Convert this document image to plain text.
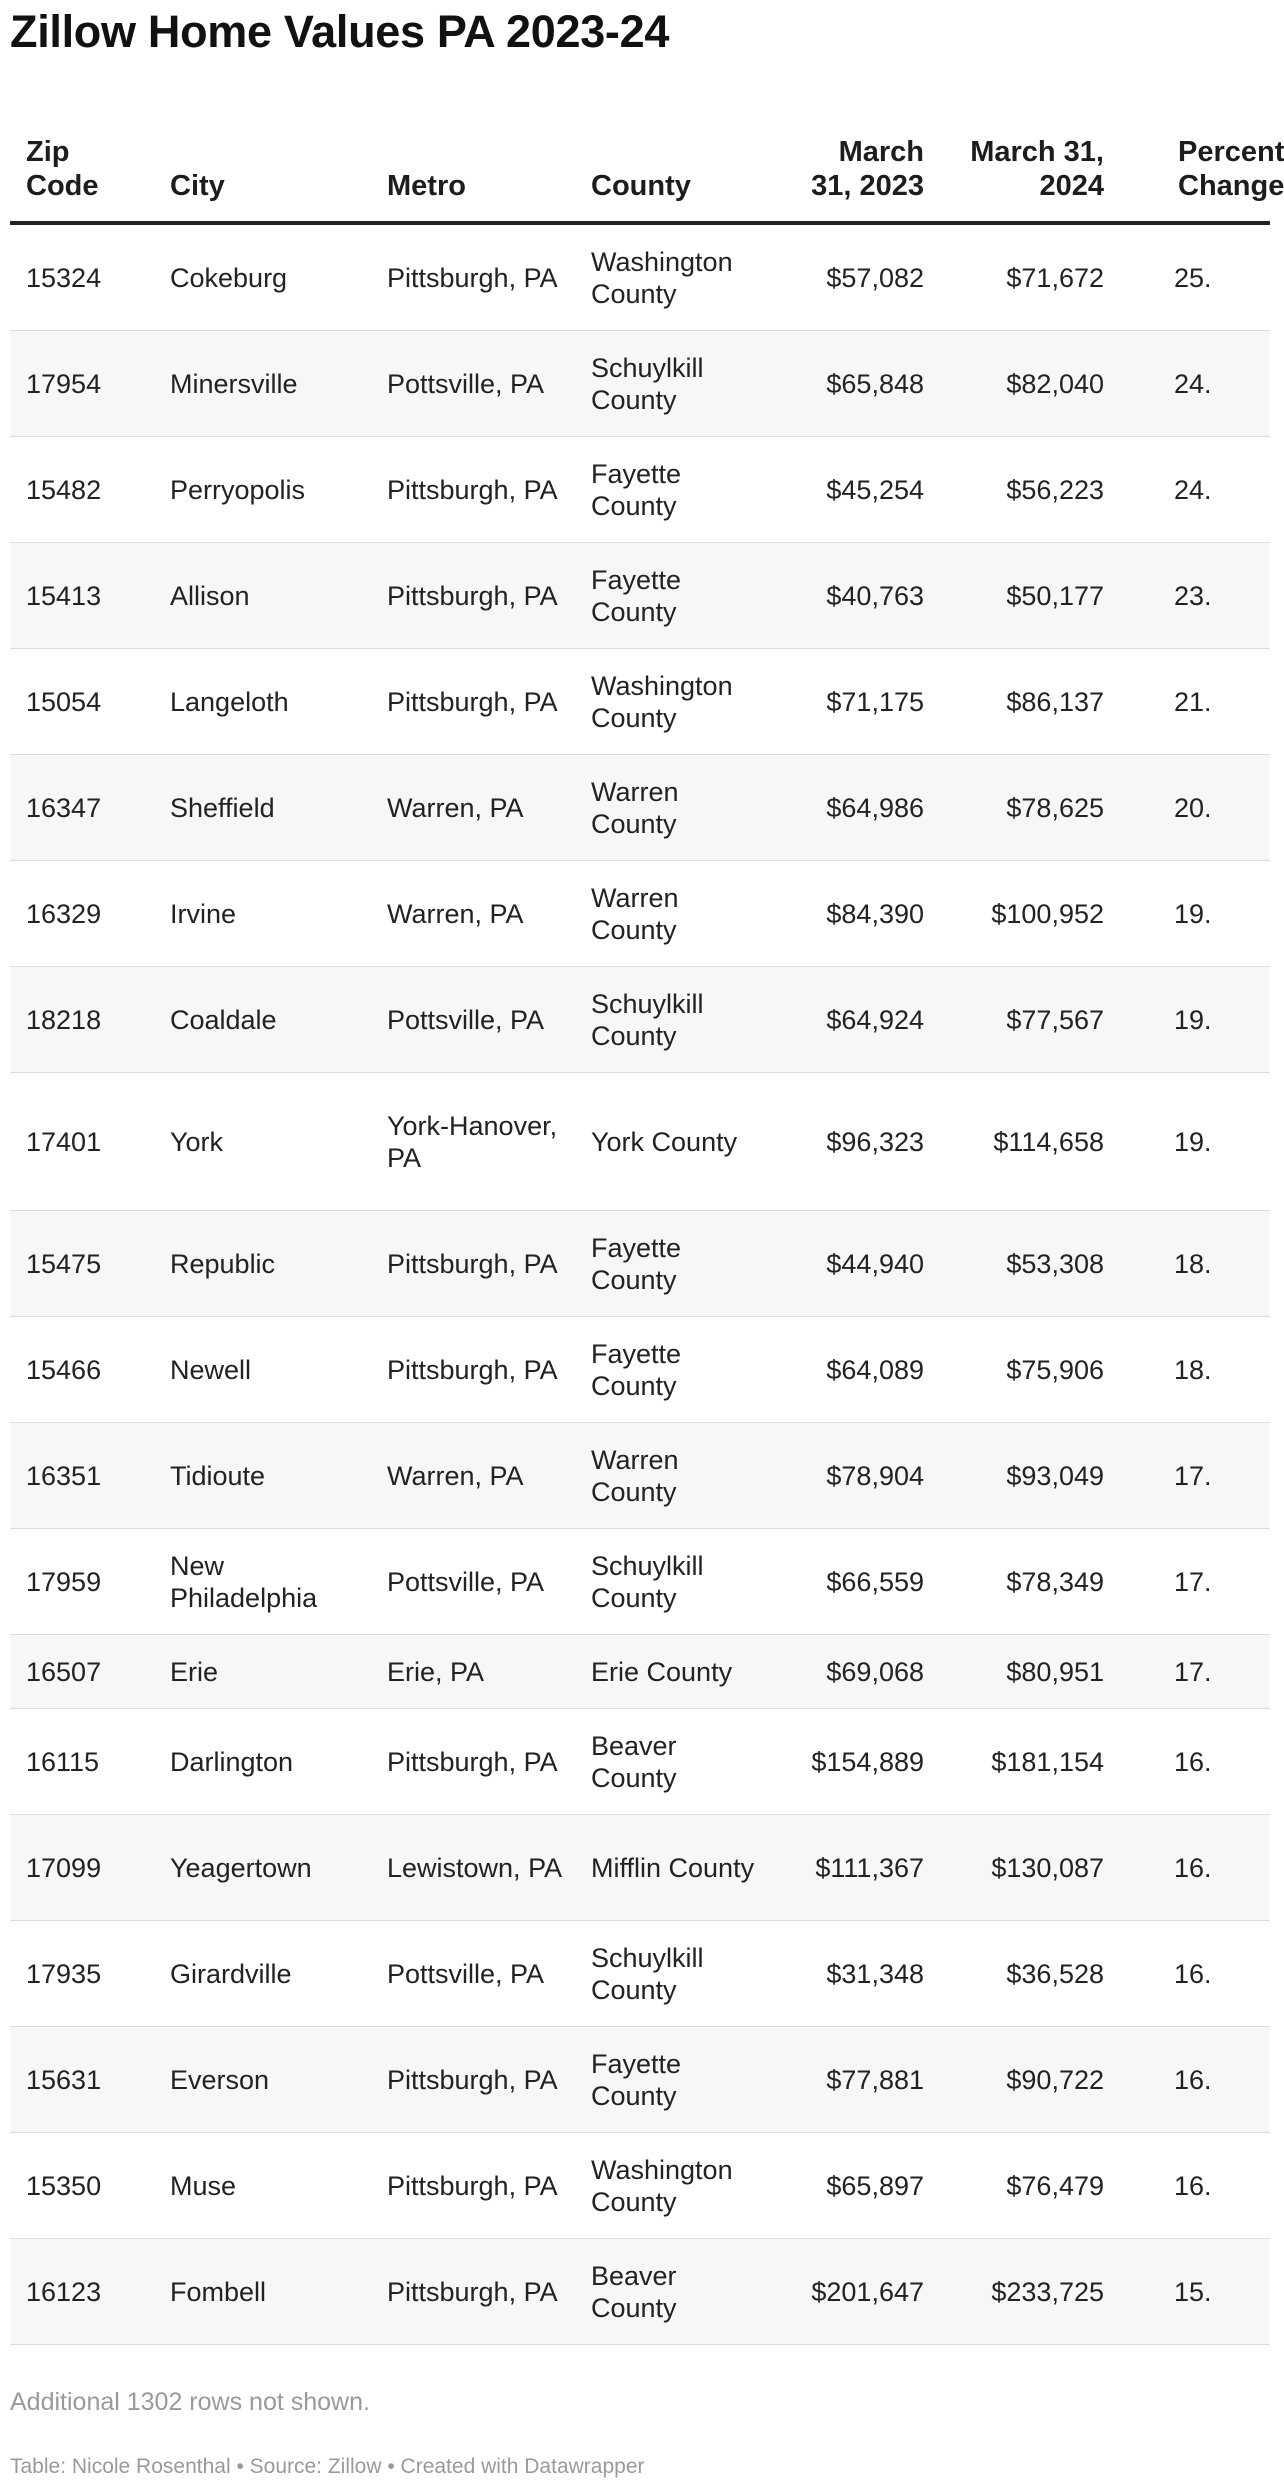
Zillow Home Values PA 2023-24
Zip Code	City	Metro	County	March 31, 2023	March 31, 2024	Percent Change
15324	Cokeburg	Pittsburgh, PA	Washington County	$57,082	$71,672	25.
17954	Minersville	Pottsville, PA	Schuylkill County	$65,848	$82,040	24.
15482	Perryopolis	Pittsburgh, PA	Fayette County	$45,254	$56,223	24.
15413	Allison	Pittsburgh, PA	Fayette County	$40,763	$50,177	23.
15054	Langeloth	Pittsburgh, PA	Washington County	$71,175	$86,137	21.
16347	Sheffield	Warren, PA	Warren County	$64,986	$78,625	20.
16329	Irvine	Warren, PA	Warren County	$84,390	$100,952	19.
18218	Coaldale	Pottsville, PA	Schuylkill County	$64,924	$77,567	19.
17401	York	York-Hanover, PA	York County	$96,323	$114,658	19.
15475	Republic	Pittsburgh, PA	Fayette County	$44,940	$53,308	18.
15466	Newell	Pittsburgh, PA	Fayette County	$64,089	$75,906	18.
16351	Tidioute	Warren, PA	Warren County	$78,904	$93,049	17.
17959	New Philadelphia	Pottsville, PA	Schuylkill County	$66,559	$78,349	17.
16507	Erie	Erie, PA	Erie County	$69,068	$80,951	17.
16115	Darlington	Pittsburgh, PA	Beaver County	$154,889	$181,154	16.
17099	Yeagertown	Lewistown, PA	Mifflin County	$111,367	$130,087	16.
17935	Girardville	Pottsville, PA	Schuylkill County	$31,348	$36,528	16.
15631	Everson	Pittsburgh, PA	Fayette County	$77,881	$90,722	16.
15350	Muse	Pittsburgh, PA	Washington County	$65,897	$76,479	16.
16123	Fombell	Pittsburgh, PA	Beaver County	$201,647	$233,725	15.
Additional 1302 rows not shown.
Table: Nicole Rosenthal • Source: Zillow • Created with Datawrapper
